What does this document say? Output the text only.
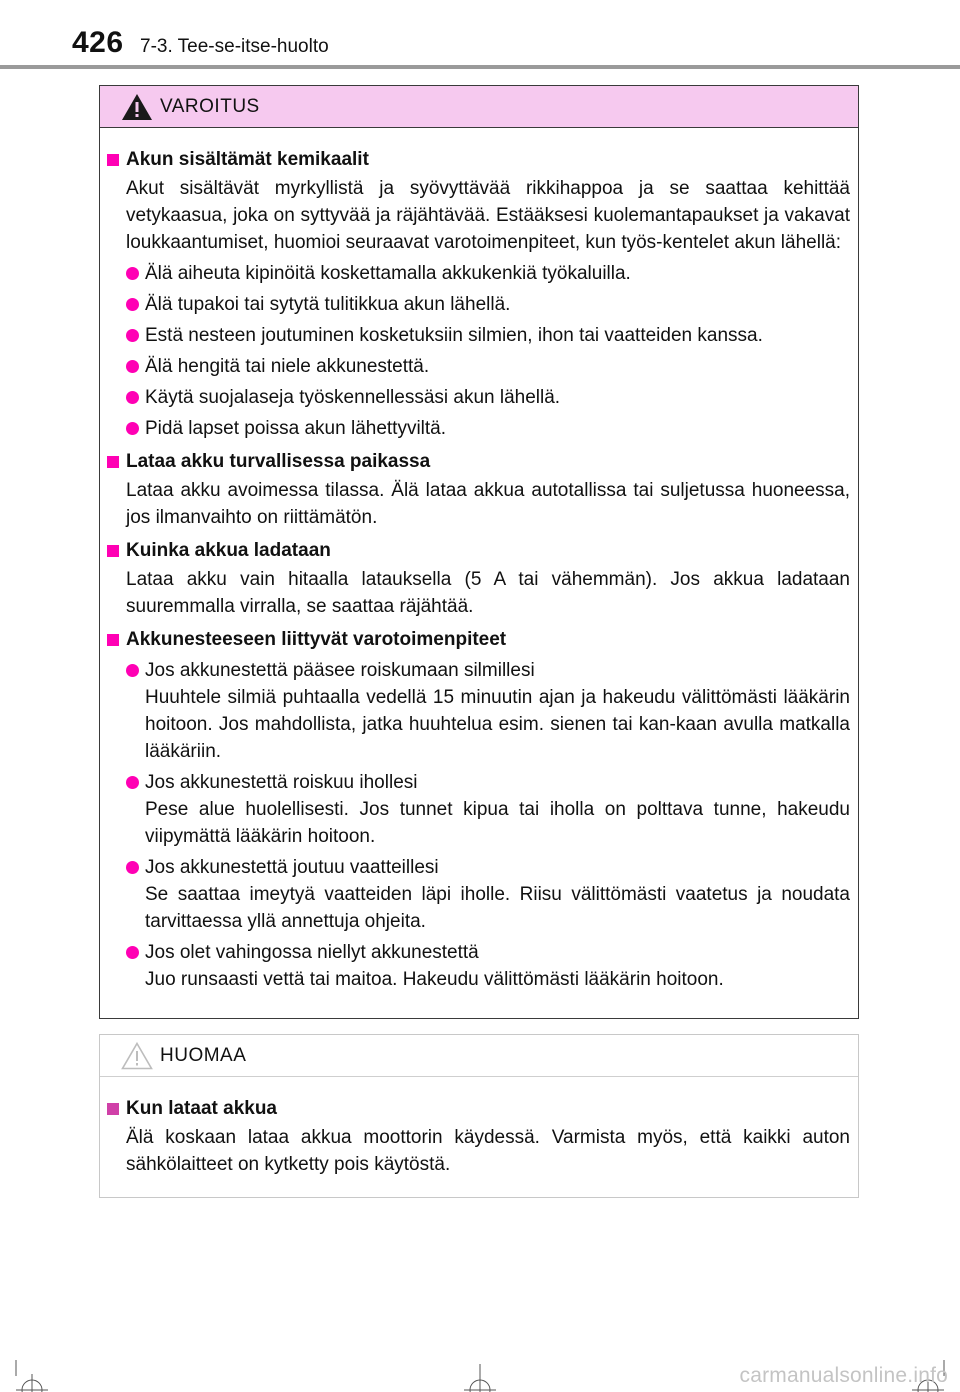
426 7-3. Tee-se-itse-huolto
VAROITUS
Akun sisältämät kemikaalit

Akut sisältävät myrkyllistä ja syövyttävää rikkihappoa ja se saattaa kehittää vetykaasua, joka on syttyvää ja räjähtävää. Estääksesi kuolemantapaukset ja vakavat loukkaantumiset, huomioi seuraavat varotoimenpiteet, kun työs-kentelet akun lähellä:

Älä aiheuta kipinöitä koskettamalla akkukenkiä työkaluilla.
Älä tupakoi tai sytytä tulitikkua akun lähellä.
Estä nesteen joutuminen kosketuksiin silmien, ihon tai vaatteiden kanssa.
Älä hengitä tai niele akkunestettä.
Käytä suojalaseja työskennellessäsi akun lähellä.
Pidä lapset poissa akun lähettyviltä.
Lataa akku turvallisessa paikassa

Lataa akku avoimessa tilassa. Älä lataa akkua autotallissa tai suljetussa huoneessa, jos ilmanvaihto on riittämätön.

Kuinka akkua ladataan

Lataa akku vain hitaalla latauksella (5 A tai vähemmän). Jos akkua ladataan suuremmalla virralla, se saattaa räjähtää.

Akkunesteeseen liittyvät varotoimenpiteet
Jos akkunestettä pääsee roiskumaan silmillesi
Huuhtele silmiä puhtaalla vedellä 15 minuutin ajan ja hakeudu välittömästi lääkärin hoitoon. Jos mahdollista, jatka huuhtelua esim. sienen tai kan-kaan avulla matkalla lääkäriin.
Jos akkunestettä roiskuu ihollesi
Pese alue huolellisesti. Jos tunnet kipua tai iholla on polttava tunne, hakeudu viipymättä lääkärin hoitoon.
Jos akkunestettä joutuu vaatteillesi
Se saattaa imeytyä vaatteiden läpi iholle. Riisu välittömästi vaatetus ja noudata tarvittaessa yllä annettuja ohjeita.
Jos olet vahingossa niellyt akkunestettä
Juo runsaasti vettä tai maitoa. Hakeudu välittömästi lääkärin hoitoon.
HUOMAA
Kun lataat akkua

Älä koskaan lataa akkua moottorin käydessä. Varmista myös, että kaikki auton sähkölaitteet on kytketty pois käytöstä.

carmanualsonline.info
